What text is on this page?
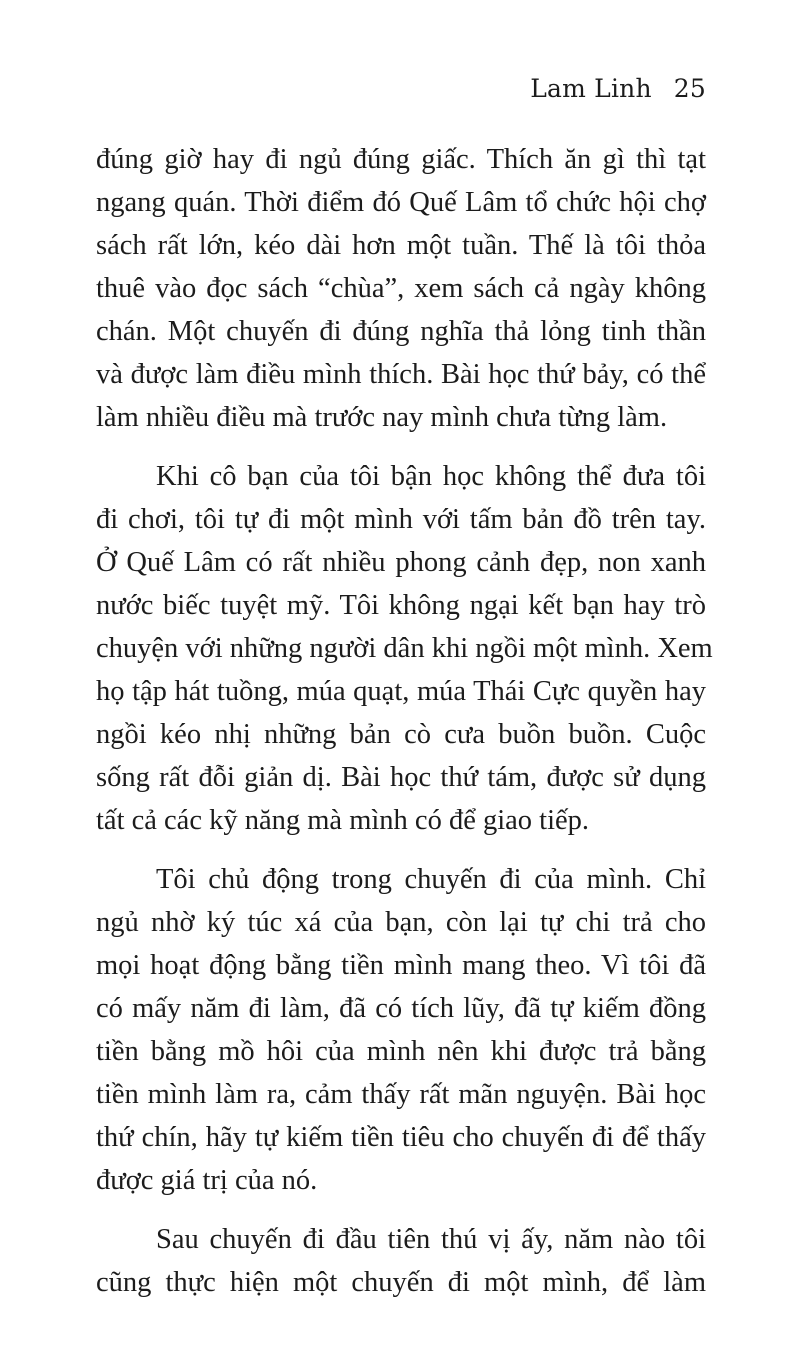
Lam Linh 25
đúng giờ hay đi ngủ đúng giấc. Thích ăn gì thì tạt
ngang quán. Thời điểm đó Quế Lâm tổ chức hội chợ
sách rất lớn, kéo dài hơn một tuần. Thế là tôi thỏa
thuê vào đọc sách “chùa”, xem sách cả ngày không
chán. Một chuyến đi đúng nghĩa thả lỏng tinh thần
và được làm điều mình thích. Bài học thứ bảy, có thể
làm nhiều điều mà trước nay mình chưa từng làm.
Khi cô bạn của tôi bận học không thể đưa tôi
đi chơi, tôi tự đi một mình với tấm bản đồ trên tay.
Ở Quế Lâm có rất nhiều phong cảnh đẹp, non xanh
nước biếc tuyệt mỹ. Tôi không ngại kết bạn hay trò
chuyện với những người dân khi ngồi một mình. Xem
họ tập hát tuồng, múa quạt, múa Thái Cực quyền hay
ngồi kéo nhị những bản cò cưa buồn buồn. Cuộc
sống rất đỗi giản dị. Bài học thứ tám, được sử dụng
tất cả các kỹ năng mà mình có để giao tiếp.
Tôi chủ động trong chuyến đi của mình. Chỉ
ngủ nhờ ký túc xá của bạn, còn lại tự chi trả cho
mọi hoạt động bằng tiền mình mang theo. Vì tôi đã
có mấy năm đi làm, đã có tích lũy, đã tự kiếm đồng
tiền bằng mồ hôi của mình nên khi được trả bằng
tiền mình làm ra, cảm thấy rất mãn nguyện. Bài học
thứ chín, hãy tự kiếm tiền tiêu cho chuyến đi để thấy
được giá trị của nó.
Sau chuyến đi đầu tiên thú vị ấy, năm nào tôi
cũng thực hiện một chuyến đi một mình, để làm
